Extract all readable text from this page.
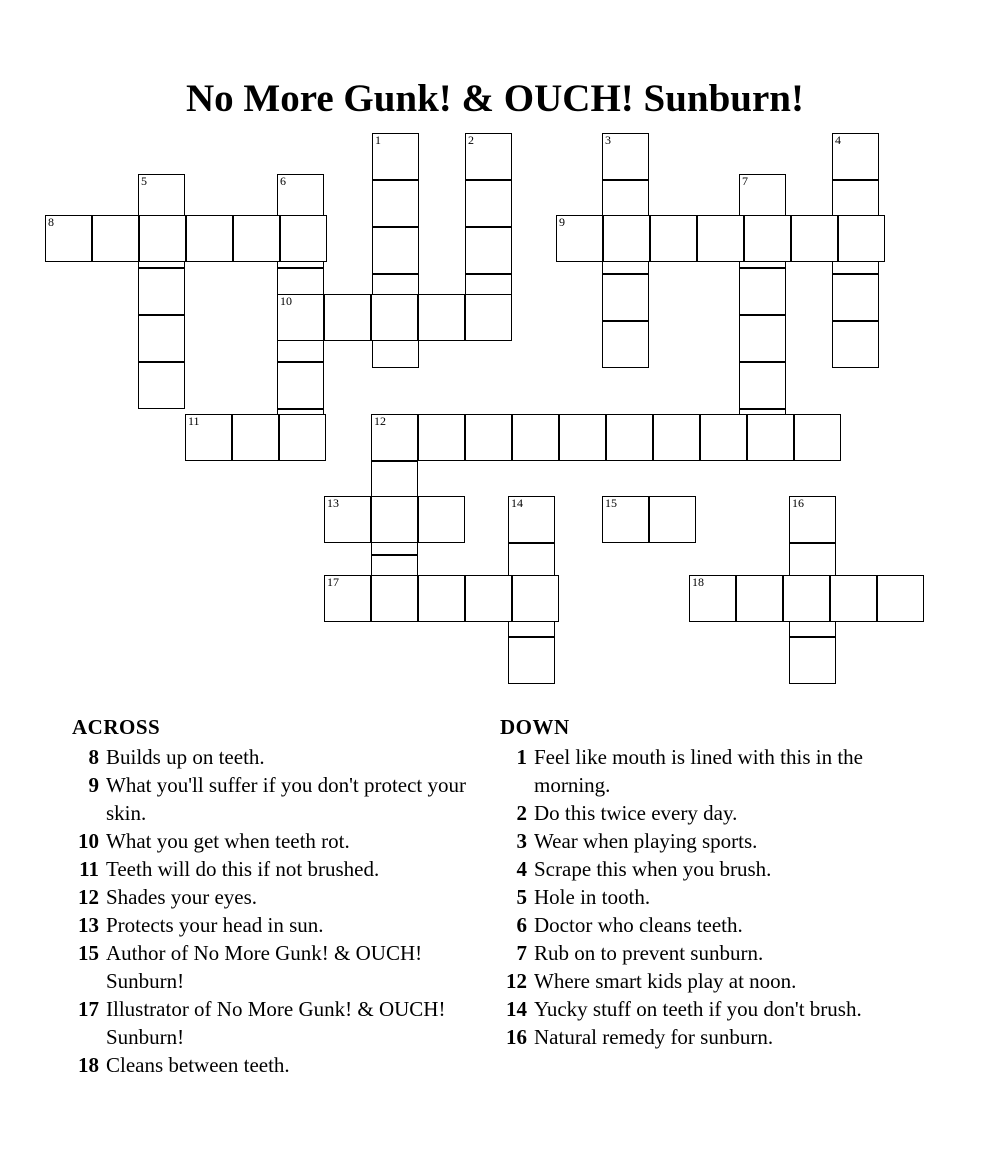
No More Gunk! & OUCH! Sunburn!
1	2	3	4
5	6	7
8	9
10
11	12
13	14	15	16
17	18
ACROSS
8 Builds up on teeth.
9 What you'll suffer if you don't protect your skin.
10 What you get when teeth rot.
11 Teeth will do this if not brushed.
12 Shades your eyes.
13 Protects your head in sun.
15 Author of No More Gunk! & OUCH! Sunburn!
17 Illustrator of No More Gunk! & OUCH! Sunburn!
18 Cleans between teeth.
DOWN
1 Feel like mouth is lined with this in the morning.
2 Do this twice every day.
3 Wear when playing sports.
4 Scrape this when you brush.
5 Hole in tooth.
6 Doctor who cleans teeth.
7 Rub on to prevent sunburn.
12 Where smart kids play at noon.
14 Yucky stuff on teeth if you don't brush.
16 Natural remedy for sunburn.
